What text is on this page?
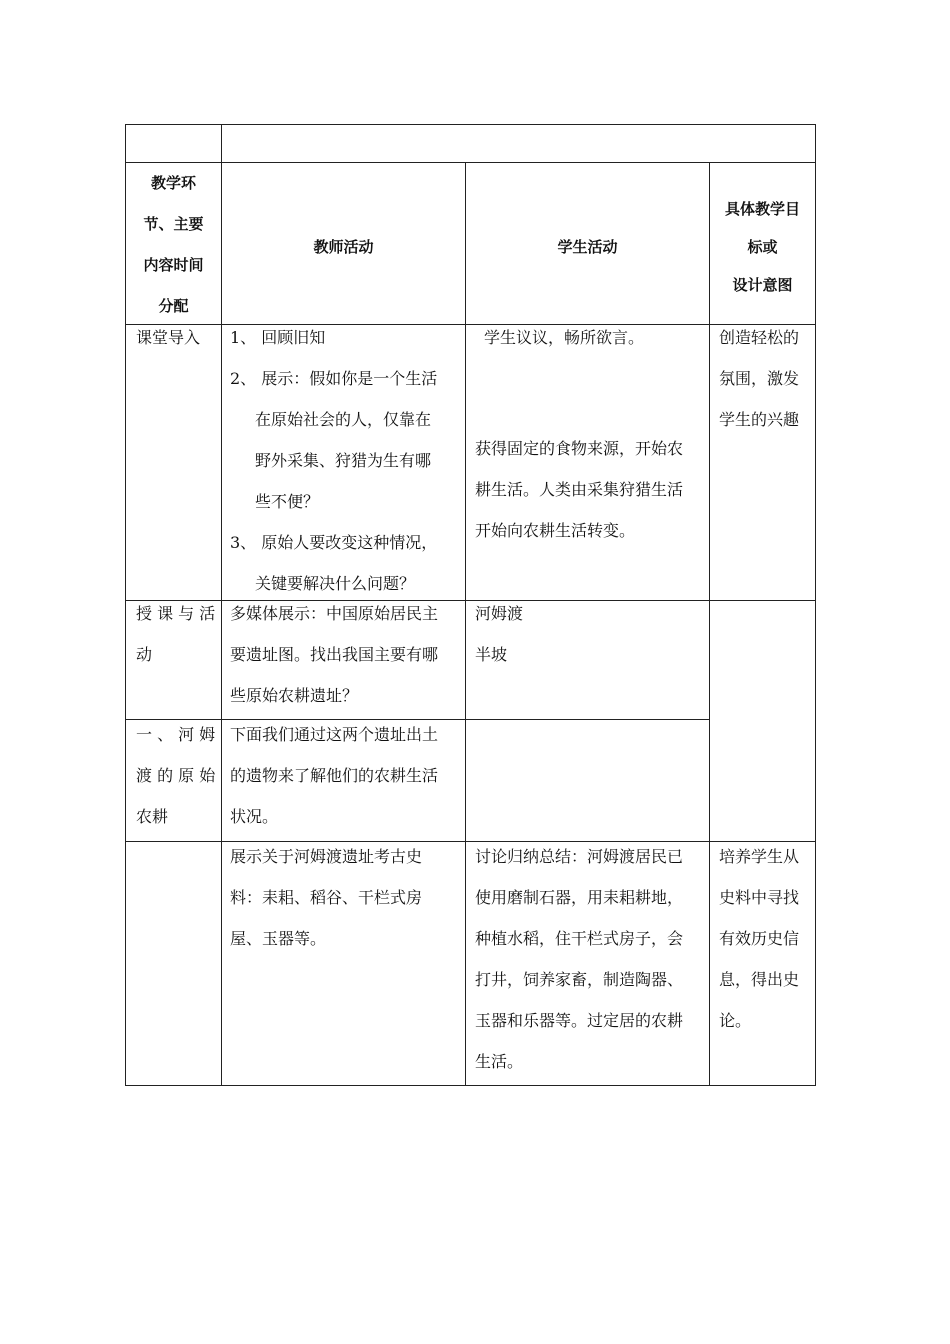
教学环
节、主要
内容时间
分配
教师活动	学生活动
具体教学目
标或
设计意图
课堂导入 1、 回顾旧知
2、 展示：假如你是一个生活
在原始社会的人，仅靠在
野外采集、狩猎为生有哪
些不便？
3、 原始人要改变这种情况，
关键要解决什么问题？
学生议议，畅所欲言。
获得固定的食物来源，开始农
耕生活。人类由采集狩猎生活
开始向农耕生活转变。
创造轻松的
氛围，激发
学生的兴趣
授 课 与 活
动
多媒体展示：中国原始居民主
要遗址图。找出我国主要有哪
些原始农耕遗址？
河姆渡
半坡
一 、 河 姆
渡 的 原 始
农耕
下面我们通过这两个遗址出土
的遗物来了解他们的农耕生活
状况。
展示关于河姆渡遗址考古史
料：耒耜、稻谷、干栏式房
屋、玉器等。
讨论归纳总结：河姆渡居民已
使用磨制石器，用耒耜耕地，
种植水稻，住干栏式房子，会
打井，饲养家畜，制造陶器、
玉器和乐器等。过定居的农耕
生活。
培养学生从
史料中寻找
有效历史信
息，得出史
论。
